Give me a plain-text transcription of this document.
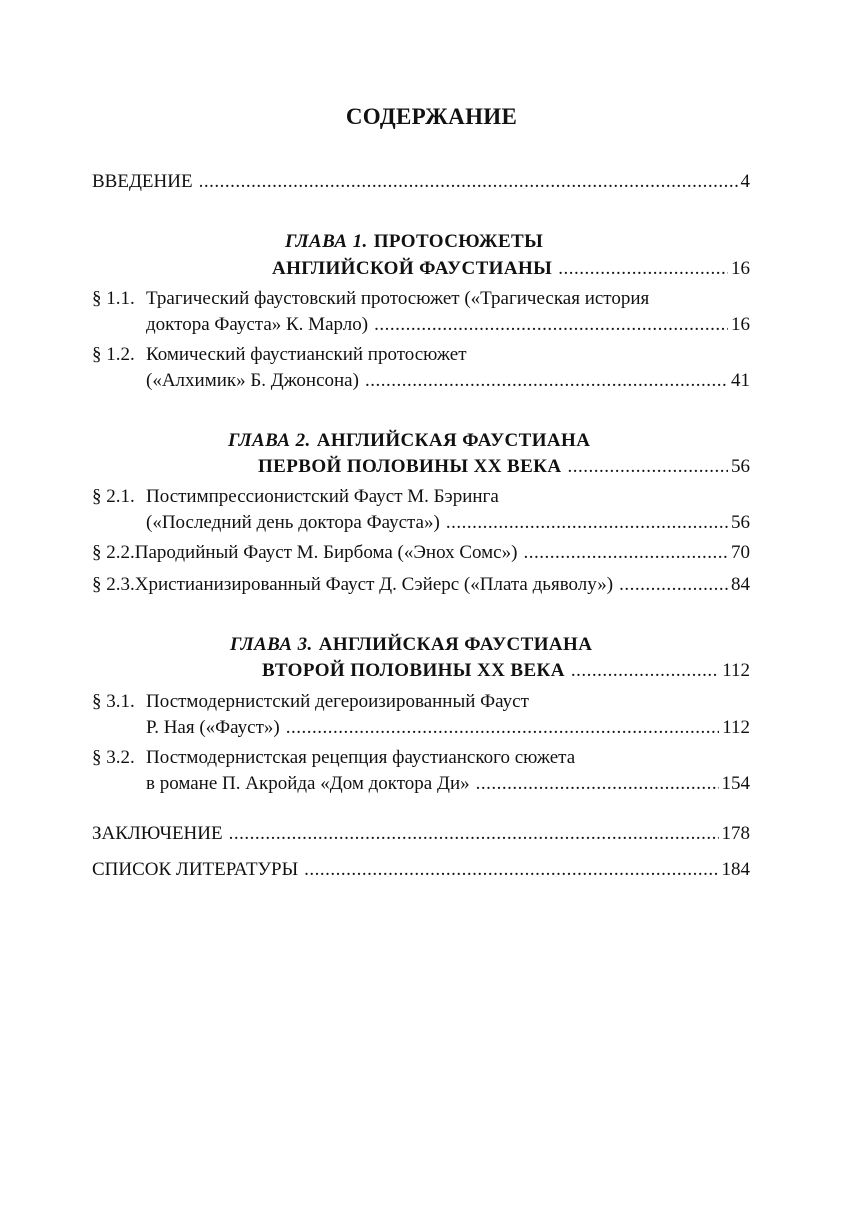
СОДЕРЖАНИЕ
ВВЕДЕНИЕ .....	4
ГЛАВА 1. ПРОТОСЮЖЕТЫ
АНГЛИЙСКОЙ ФАУСТИАНЫ .....	16
§ 1.1. Трагический фаустовский протосюжет («Трагическая история
доктора Фауста» К. Марло) .....	16
§ 1.2. Комический фаустианский протосюжет
(«Алхимик» Б. Джонсона) .....	41
ГЛАВА 2. АНГЛИЙСКАЯ ФАУСТИАНА
ПЕРВОЙ ПОЛОВИНЫ XX ВЕКА .....	56
§ 2.1. Постимпрессионистский Фауст М. Бэринга
(«Последний день доктора Фауста») .....	56
§ 2.2. Пародийный Фауст М. Бирбома («Энох Сомс») .....	70
§ 2.3. Христианизированный Фауст Д. Сэйерс («Плата дьяволу») .....	84
ГЛАВА 3. АНГЛИЙСКАЯ ФАУСТИАНА
ВТОРОЙ ПОЛОВИНЫ XX ВЕКА .....	112
§ 3.1. Постмодернистский дегероизированный Фауст
Р. Ная («Фауст») .....	112
§ 3.2. Постмодернистская рецепция фаустианского сюжета
в романе П. Акройда «Дом доктора Ди» .....	154
ЗАКЛЮЧЕНИЕ .....	178
СПИСОК ЛИТЕРАТУРЫ .....	184
